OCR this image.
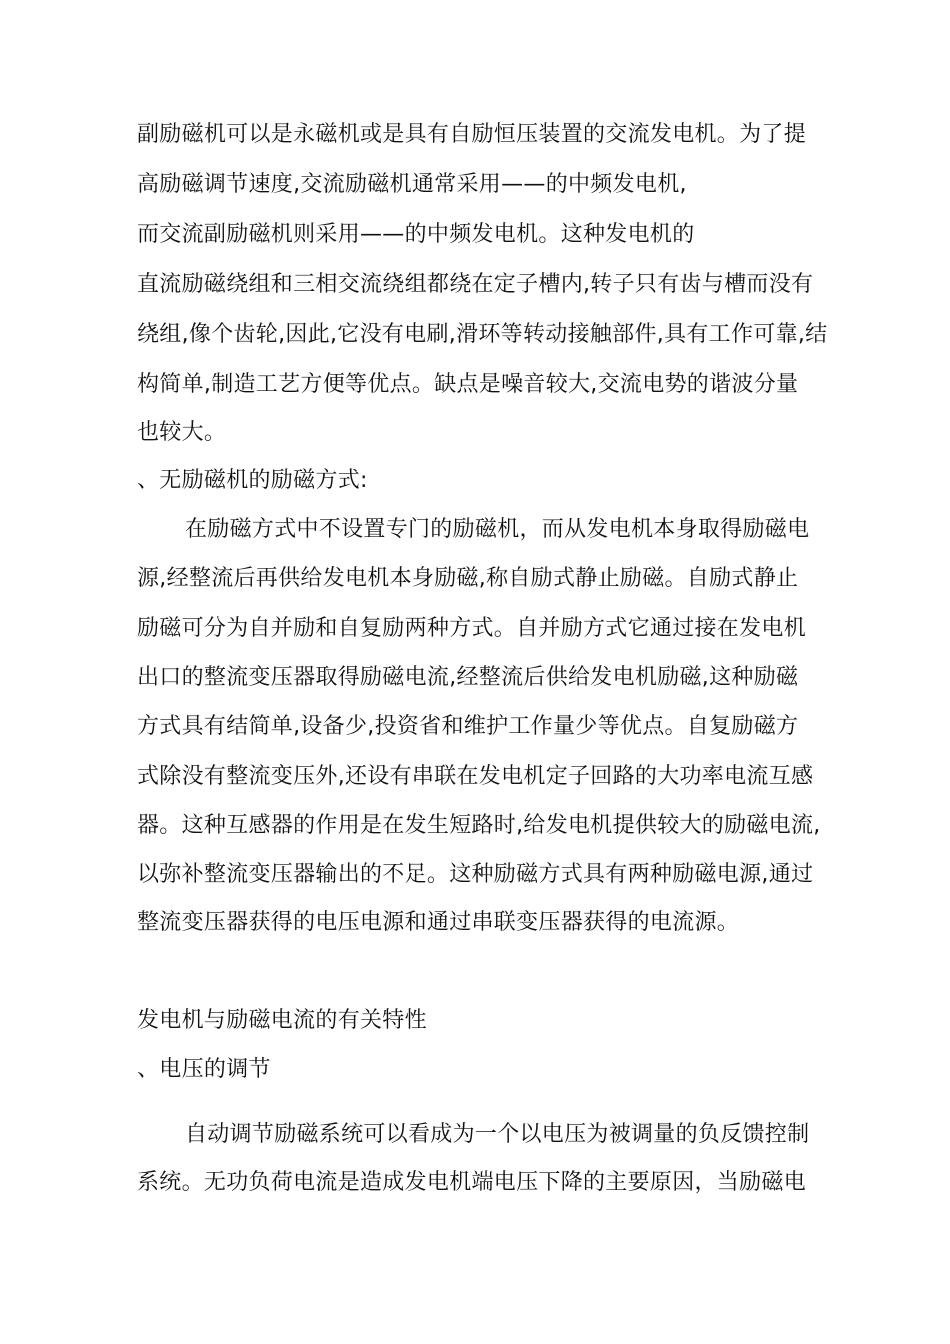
副励磁机可以是永磁机或是具有自励恒压装置的交流发电机。为了提
高励磁调节速度,交流励磁机通常采用——的中频发电机,
而交流副励磁机则采用——的中频发电机。这种发电机的
直流励磁绕组和三相交流绕组都绕在定子槽内,转子只有齿与槽而没有
绕组,像个齿轮,因此,它没有电刷,滑环等转动接触部件,具有工作可靠,结
构简单,制造工艺方便等优点。缺点是噪音较大,交流电势的谐波分量
也较大。
、无励磁机的励磁方式:
在励磁方式中不设置专门的励磁机，而从发电机本身取得励磁电
源,经整流后再供给发电机本身励磁,称自励式静止励磁。自励式静止
励磁可分为自并励和自复励两种方式。自并励方式它通过接在发电机
出口的整流变压器取得励磁电流,经整流后供给发电机励磁,这种励磁
方式具有结简单,设备少,投资省和维护工作量少等优点。自复励磁方
式除没有整流变压外,还设有串联在发电机定子回路的大功率电流互感
器。这种互感器的作用是在发生短路时,给发电机提供较大的励磁电流,
以弥补整流变压器输出的不足。这种励磁方式具有两种励磁电源,通过
整流变压器获得的电压电源和通过串联变压器获得的电流源。
发电机与励磁电流的有关特性
、电压的调节
自动调节励磁系统可以看成为一个以电压为被调量的负反馈控制
系统。无功负荷电流是造成发电机端电压下降的主要原因，当励磁电
